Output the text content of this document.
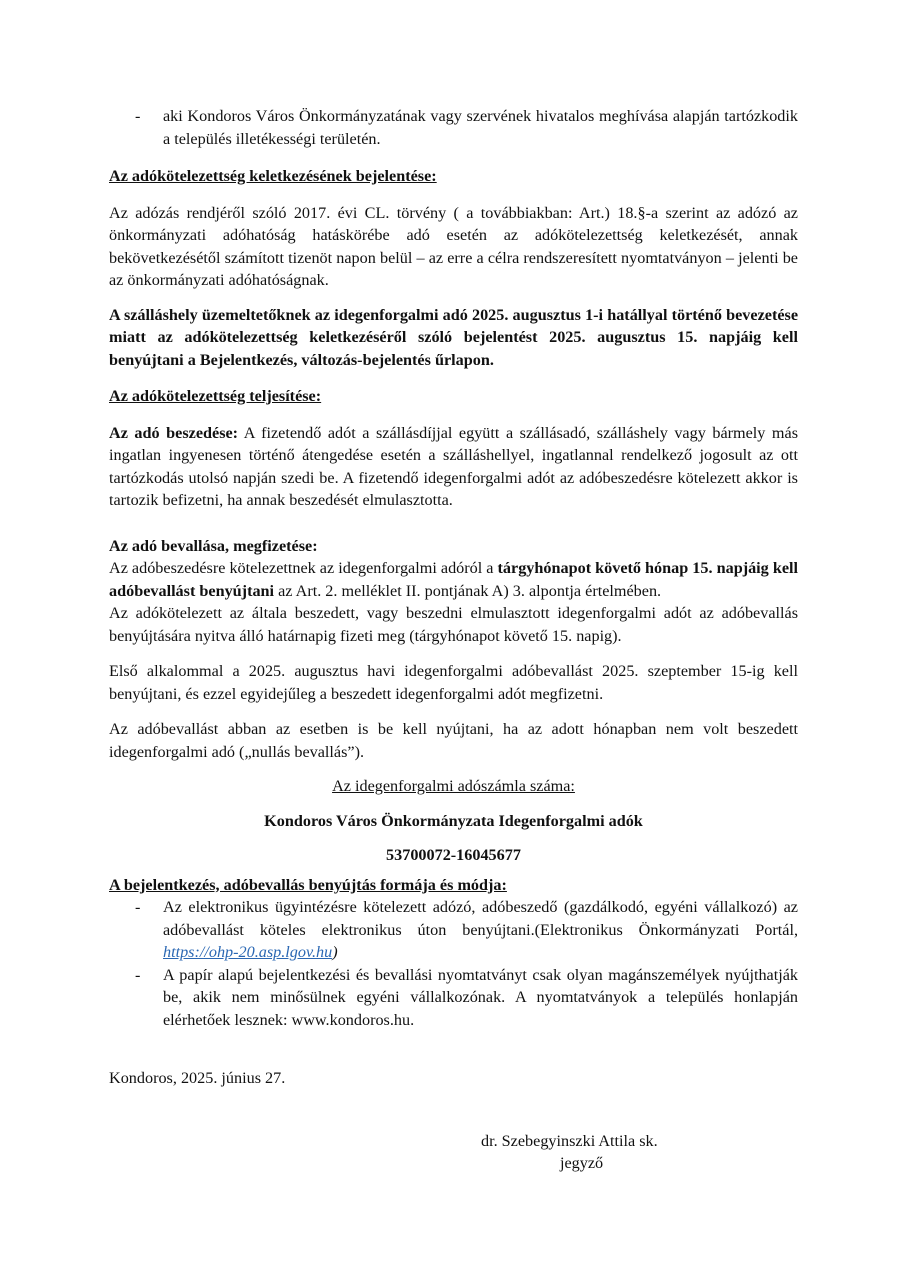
- aki Kondoros Város Önkormányzatának vagy szervének hivatalos meghívása alapján tartózkodik a település illetékességi területén.

Az adókötelezettség keletkezésének bejelentése:

Az adózás rendjéről szóló 2017. évi CL. törvény ( a továbbiakban: Art.) 18.§-a szerint az adózó az önkormányzati adóhatóság hatáskörébe adó esetén az adókötelezettség keletkezését, annak bekövetkezésétől számított tizenöt napon belül – az erre a célra rendszeresített nyomtatványon – jelenti be az önkormányzati adóhatóságnak.

A szálláshely üzemeltetőknek az idegenforgalmi adó 2025. augusztus 1-i hatállyal történő bevezetése miatt az adókötelezettség keletkezéséről szóló bejelentést 2025. augusztus 15. napjáig kell benyújtani a Bejelentkezés, változás-bejelentés űrlapon.

Az adókötelezettség teljesítése:

Az adó beszedése: A fizetendő adót a szállásdíjjal együtt a szállásadó, szálláshely vagy bármely más ingatlan ingyenesen történő átengedése esetén a szálláshellyel, ingatlannal rendelkező jogosult az ott tartózkodás utolsó napján szedi be. A fizetendő idegenforgalmi adót az adóbeszedésre kötelezett akkor is tartozik befizetni, ha annak beszedését elmulasztotta.

Az adó bevallása, megfizetése:

Az adóbeszedésre kötelezettnek az idegenforgalmi adóról a tárgyhónapot követő hónap 15. napjáig kell adóbevallást benyújtani az Art. 2. melléklet II. pontjának A) 3. alpontja értelmében.

Az adókötelezett az általa beszedett, vagy beszedni elmulasztott idegenforgalmi adót az adóbevallás benyújtására nyitva álló határnapig fizeti meg (tárgyhónapot követő 15. napig).

Első alkalommal a 2025. augusztus havi idegenforgalmi adóbevallást 2025. szeptember 15-ig kell benyújtani, és ezzel egyidejűleg a beszedett idegenforgalmi adót megfizetni.

Az adóbevallást abban az esetben is be kell nyújtani, ha az adott hónapban nem volt beszedett idegenforgalmi adó („nullás bevallás”).

Az idegenforgalmi adószámla száma:

Kondoros Város Önkormányzata Idegenforgalmi adók

53700072-16045677

A bejelentkezés, adóbevallás benyújtás formája és módja:

- Az elektronikus ügyintézésre kötelezett adózó, adóbeszedő (gazdálkodó, egyéni vállalkozó) az adóbevallást köteles elektronikus úton benyújtani.(Elektronikus Önkormányzati Portál, https://ohp-20.asp.lgov.hu)
- A papír alapú bejelentkezési és bevallási nyomtatványt csak olyan magánszemélyek nyújthatják be, akik nem minősülnek egyéni vállalkozónak. A nyomtatványok a település honlapján elérhetőek lesznek: www.kondoros.hu.

Kondoros, 2025. június 27.

dr. Szebegyinszki Attila sk.

jegyző
